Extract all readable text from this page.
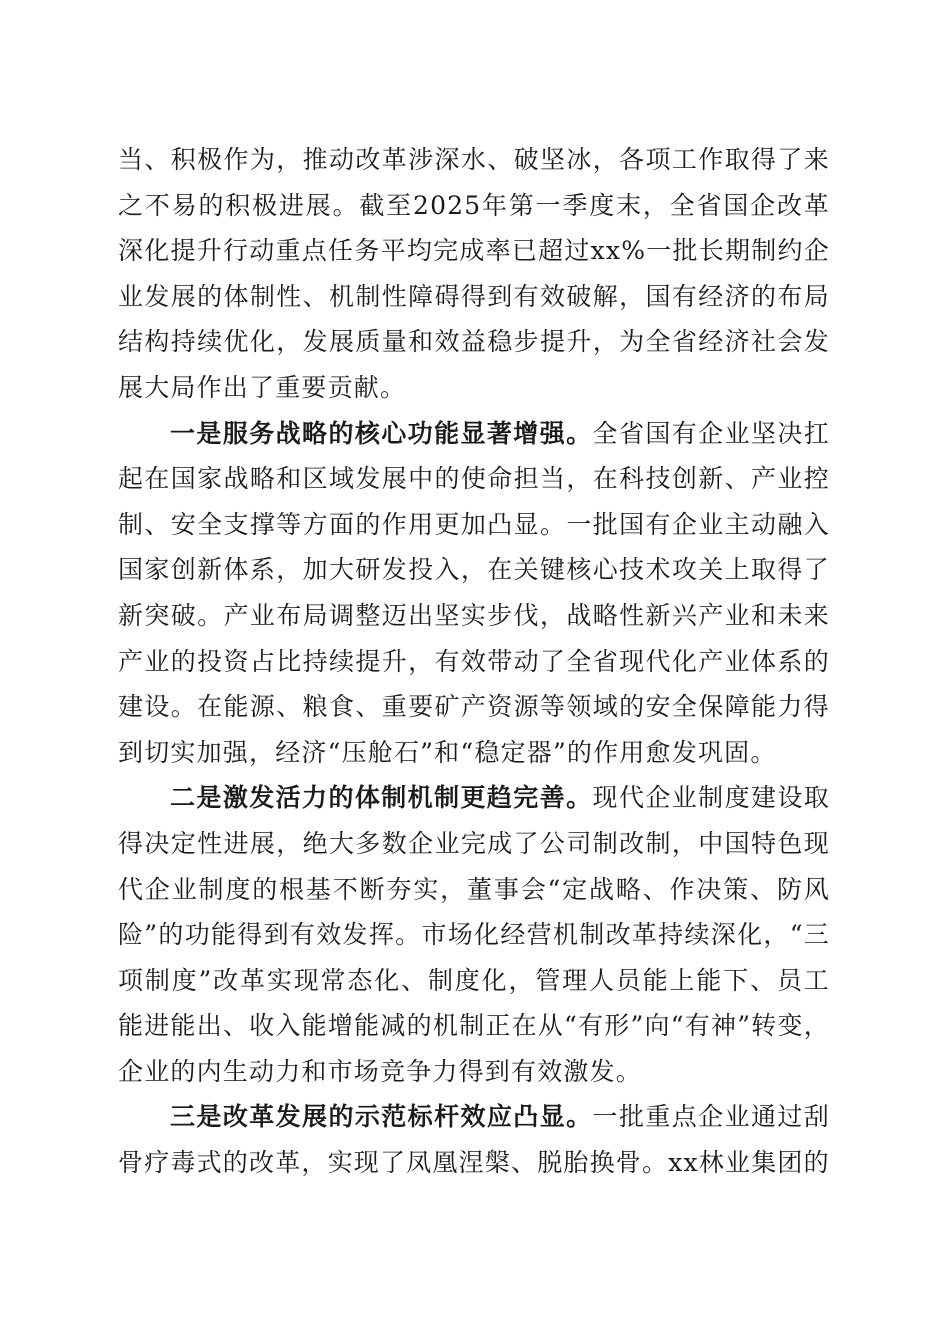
当、积极作为，推动改革涉深水、破坚冰，各项工作取得了来之不易的积极进展。截至2025年第一季度末，全省国企改革深化提升行动重点任务平均完成率已超过xx%一批长期制约企业发展的体制性、机制性障碍得到有效破解，国有经济的布局结构持续优化，发展质量和效益稳步提升，为全省经济社会发展大局作出了重要贡献。

一是服务战略的核心功能显著增强。全省国有企业坚决扛起在国家战略和区域发展中的使命担当，在科技创新、产业控制、安全支撑等方面的作用更加凸显。一批国有企业主动融入国家创新体系，加大研发投入，在关键核心技术攻关上取得了新突破。产业布局调整迈出坚实步伐，战略性新兴产业和未来产业的投资占比持续提升，有效带动了全省现代化产业体系的建设。在能源、粮食、重要矿产资源等领域的安全保障能力得到切实加强，经济“压舱石”和“稳定器”的作用愈发巩固。

二是激发活力的体制机制更趋完善。现代企业制度建设取得决定性进展，绝大多数企业完成了公司制改制，中国特色现代企业制度的根基不断夯实，董事会“定战略、作决策、防风险”的功能得到有效发挥。市场化经营机制改革持续深化，“三项制度”改革实现常态化、制度化，管理人员能上能下、员工能进能出、收入能增能减的机制正在从“有形”向“有神”转变，企业的内生动力和市场竞争力得到有效激发。

三是改革发展的示范标杆效应凸显。一批重点企业通过刮骨疗毒式的改革，实现了凤凰涅槃、脱胎换骨。xx林业集团的
